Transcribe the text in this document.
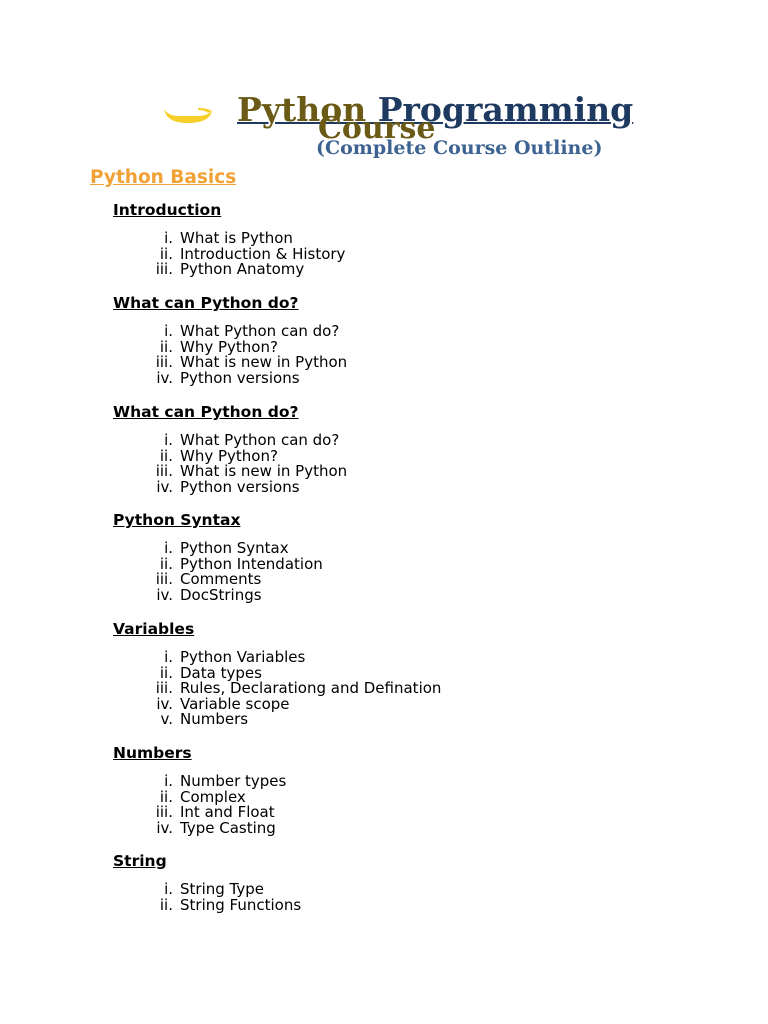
Python Programming
Course
(Complete Course Outline)
Python Basics
Introduction
i. What is Python
ii. Introduction & History
iii. Python Anatomy
What can Python do?
i. What Python can do?
ii. Why Python?
iii. What is new in Python
iv. Python versions
What can Python do?
i. What Python can do?
ii. Why Python?
iii. What is new in Python
iv. Python versions
Python Syntax
i. Python Syntax
ii. Python Intendation
iii. Comments
iv. DocStrings
Variables
i. Python Variables
ii. Data types
iii. Rules, Declarationg and Defination
iv. Variable scope
v. Numbers
Numbers
i. Number types
ii. Complex
iii. Int and Float
iv. Type Casting
String
i. String Type
ii. String Functions
